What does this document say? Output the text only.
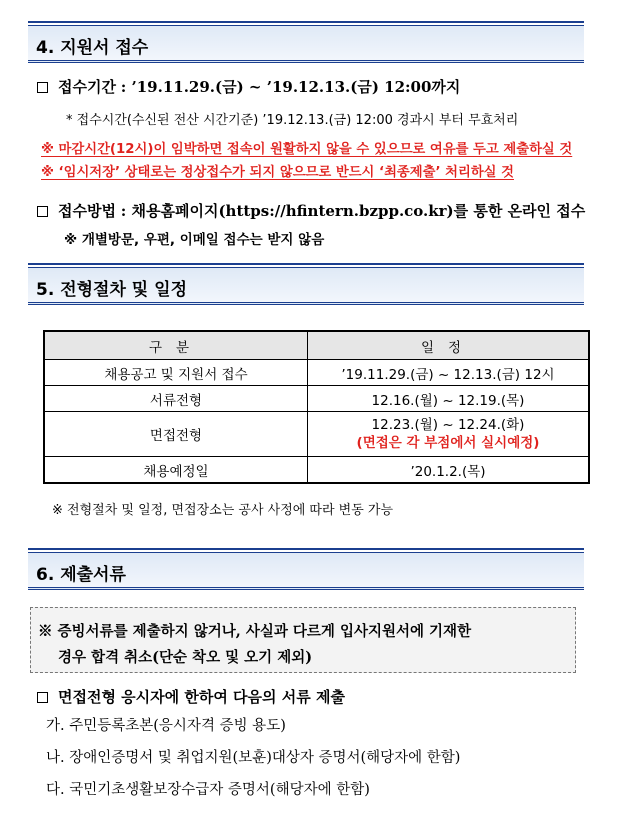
4. 지원서 접수
접수기간 : ’19.11.29.(금) ~ ’19.12.13.(금) 12:00까지
* 접수시간(수신된 전산 시간기준) ’19.12.13.(금) 12:00 경과시 부터 무효처리
※ 마감시간(12시)이 임박하면 접속이 원활하지 않을 수 있으므로 여유를 두고 제출하실 것
※ ‘임시저장’ 상태로는 정상접수가 되지 않으므로 반드시 ‘최종제출’ 처리하실 것
접수방법 : 채용홈페이지(https://hfintern.bzpp.co.kr)를 통한 온라인 접수
※ 개별방문, 우편, 이메일 접수는 받지 않음
5. 전형절차 및 일정
구분	일정
채용공고 및 지원서 접수	’19.11.29.(금) ~ 12.13.(금) 12시
서류전형	12.16.(월) ~ 12.19.(목)
면접전형	12.23.(월) ~ 12.24.(화)
(면접은 각 부점에서 실시예정)

채용예정일	’20.1.2.(목)
※ 전형절차 및 일정, 면접장소는 공사 사정에 따라 변동 가능
6. 제출서류
※ 증빙서류를 제출하지 않거나, 사실과 다르게 입사지원서에 기재한
경우 합격 취소(단순 착오 및 오기 제외)
면접전형 응시자에 한하여 다음의 서류 제출
가. 주민등록초본(응시자격 증빙 용도)
나. 장애인증명서 및 취업지원(보훈)대상자 증명서(해당자에 한함)
다. 국민기초생활보장수급자 증명서(해당자에 한함)
